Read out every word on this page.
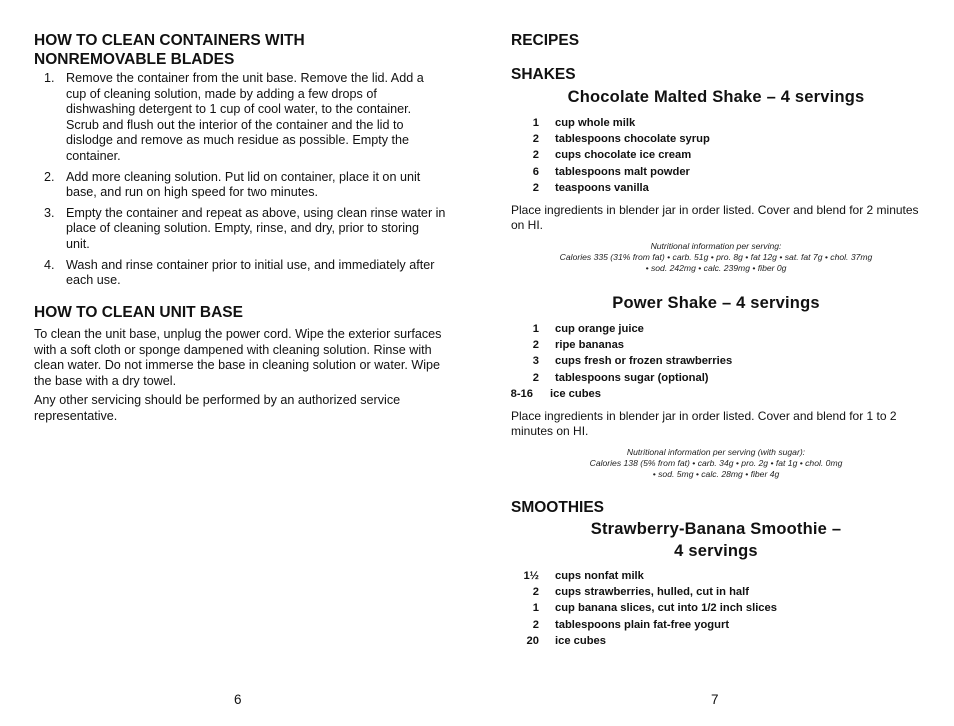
HOW TO CLEAN CONTAINERS WITH NONREMOVABLE BLADES
1. Remove the container from the unit base. Remove the lid. Add a cup of cleaning solution, made by adding a few drops of dishwashing detergent to 1 cup of cool water, to the container. Scrub and flush out the interior of the container and the lid to dislodge and remove as much residue as possible. Empty the container.
2. Add more cleaning solution. Put lid on container, place it on unit base, and run on high speed for two minutes.
3. Empty the container and repeat as above, using clean rinse water in place of cleaning solution. Empty, rinse, and dry, prior to storing unit.
4. Wash and rinse container prior to initial use, and immediately after each use.
HOW TO CLEAN UNIT BASE

To clean the unit base, unplug the power cord. Wipe the exterior surfaces with a soft cloth or sponge dampened with cleaning solution. Rinse with clean water. Do not immerse the base in cleaning solution or water. Wipe the base with a dry towel.

Any other servicing should be performed by an authorized service representative.

6
RECIPES
SHAKES

Chocolate Malted Shake – 4 servings

1 cup whole milk
2 tablespoons chocolate syrup
2 cups chocolate ice cream
6 tablespoons malt powder
2 teaspoons vanilla

Place ingredients in blender jar in order listed. Cover and blend for 2 minutes on HI.

Nutritional information per serving:
Calories 335 (31% from fat) • carb. 51g • pro. 8g • fat 12g • sat. fat 7g • chol. 37mg
• sod. 242mg • calc. 239mg • fiber 0g

Power Shake – 4 servings

1 cup orange juice
2 ripe bananas
3 cups fresh or frozen strawberries
2 tablespoons sugar (optional)
8-16 ice cubes

Place ingredients in blender jar in order listed. Cover and blend for 1 to 2 minutes on HI.

Nutritional information per serving (with sugar):
Calories 138 (5% from fat) • carb. 34g • pro. 2g • fat 1g • chol. 0mg
• sod. 5mg • calc. 28mg • fiber 4g
SMOOTHIES
Strawberry-Banana Smoothie –
4 servings
1½ cups nonfat milk
2 cups strawberries, hulled, cut in half
1 cup banana slices, cut into 1/2 inch slices
2 tablespoons plain fat-free yogurt
20 ice cubes
7
